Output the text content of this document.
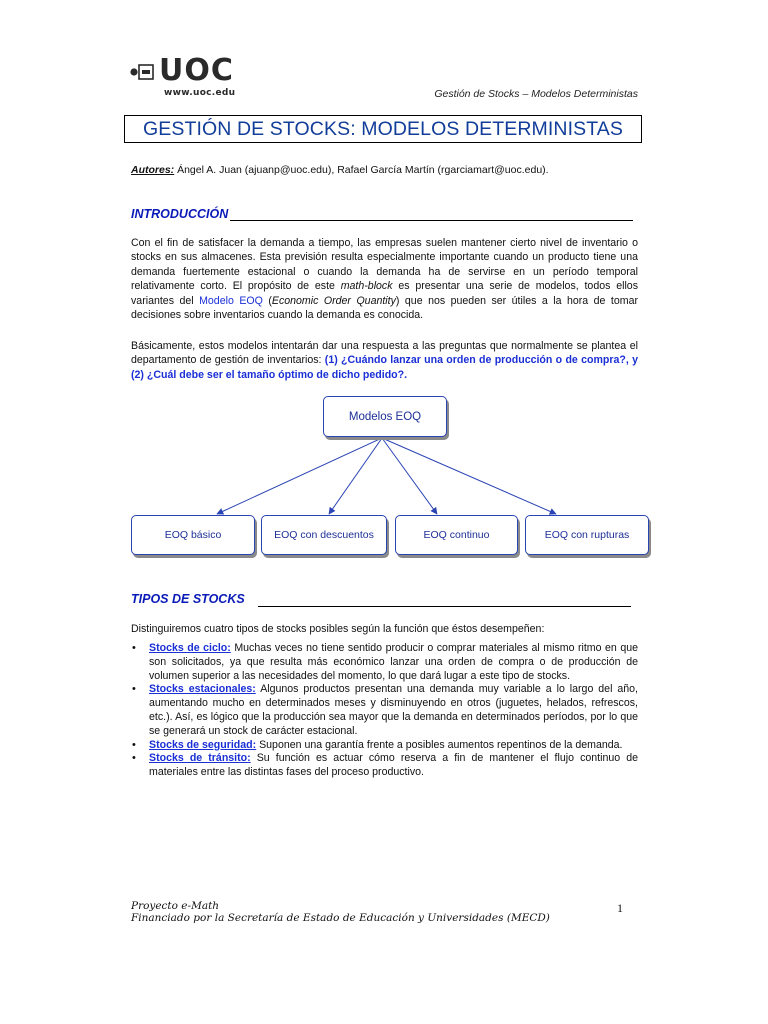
UOC
www.uoc.edu	Gestión de Stocks – Modelos Deterministas
GESTIÓN DE STOCKS: MODELOS DETERMINISTAS
Autores: Ángel A. Juan (ajuanp@uoc.edu), Rafael García Martín (rgarciamart@uoc.edu).
INTRODUCCIÓN
Con el fin de satisfacer la demanda a tiempo, las empresas suelen mantener cierto nivel de inventario o stocks en sus almacenes. Esta previsión resulta especialmente importante cuando un producto tiene una demanda fuertemente estacional o cuando la demanda ha de servirse en un período temporal relativamente corto. El propósito de este math-block es presentar una serie de modelos, todos ellos variantes del Modelo EOQ (Economic Order Quantity) que nos pueden ser útiles a la hora de tomar decisiones sobre inventarios cuando la demanda es conocida.
Básicamente, estos modelos intentarán dar una respuesta a las preguntas que normalmente se plantea el departamento de gestión de inventarios: (1) ¿Cuándo lanzar una orden de producción o de compra?, y (2) ¿Cuál debe ser el tamaño óptimo de dicho pedido?.
Modelos EOQ
EOQ básico	EOQ con descuentos	EOQ continuo	EOQ con rupturas
TIPOS DE STOCKS
Distinguiremos cuatro tipos de stocks posibles según la función que éstos desempeñen:
• Stocks de ciclo: Muchas veces no tiene sentido producir o comprar materiales al mismo ritmo en que son solicitados, ya que resulta más económico lanzar una orden de compra o de producción de volumen superior a las necesidades del momento, lo que dará lugar a este tipo de stocks.
• Stocks estacionales: Algunos productos presentan una demanda muy variable a lo largo del año, aumentando mucho en determinados meses y disminuyendo en otros (juguetes, helados, refrescos, etc.). Así, es lógico que la producción sea mayor que la demanda en determinados períodos, por lo que se generará un stock de carácter estacional.
• Stocks de seguridad: Suponen una garantía frente a posibles aumentos repentinos de la demanda.
• Stocks de tránsito: Su función es actuar cómo reserva a fin de mantener el flujo continuo de materiales entre las distintas fases del proceso productivo.
Proyecto e-Math
Financiado por la Secretaría de Estado de Educación y Universidades (MECD)
1
